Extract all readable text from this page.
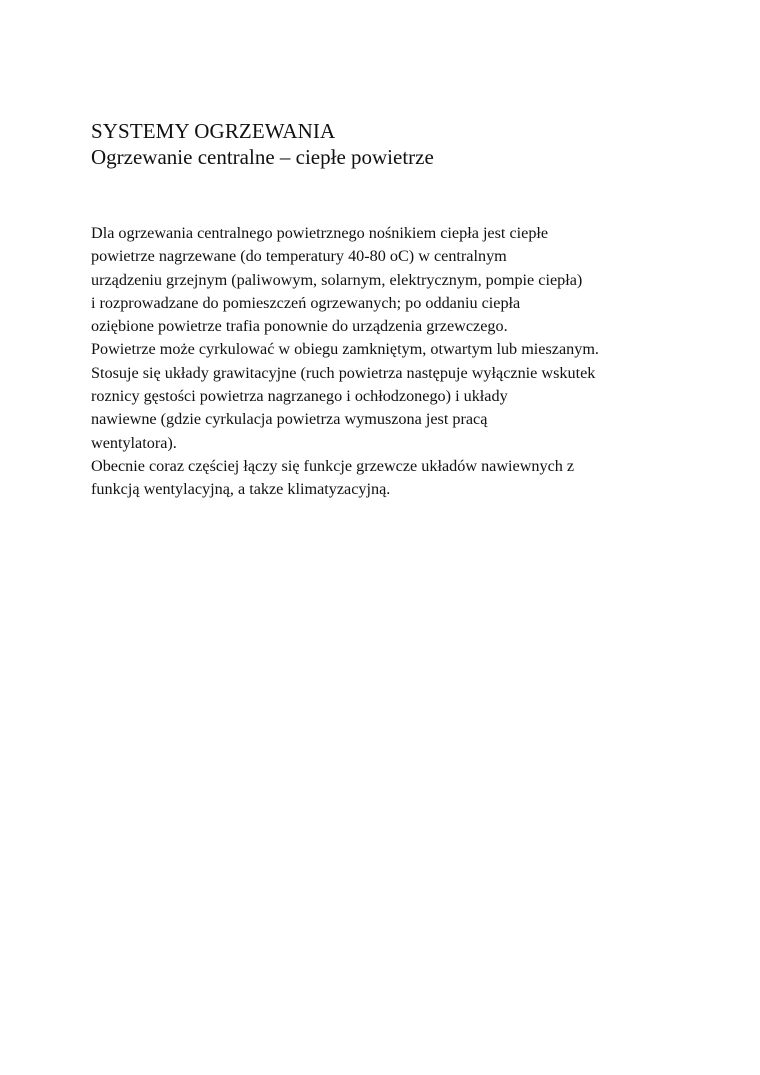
SYSTEMY OGRZEWANIA
Ogrzewanie centralne – ciepłe powietrze
Dla ogrzewania centralnego powietrznego nośnikiem ciepła jest ciepłe
powietrze nagrzewane (do temperatury 40-80 oC) w centralnym
urządzeniu grzejnym (paliwowym, solarnym, elektrycznym, pompie ciepła)
i rozprowadzane do pomieszczeń ogrzewanych; po oddaniu ciepła
oziębione powietrze trafia ponownie do urządzenia grzewczego.
Powietrze może cyrkulować w obiegu zamkniętym, otwartym lub mieszanym.
Stosuje się układy grawitacyjne (ruch powietrza następuje wyłącznie wskutek
roznicy gęstości powietrza nagrzanego i ochłodzonego) i układy
nawiewne (gdzie cyrkulacja powietrza wymuszona jest pracą
wentylatora).
Obecnie coraz częściej łączy się funkcje grzewcze układów nawiewnych z
funkcją wentylacyjną, a takze klimatyzacyjną.
